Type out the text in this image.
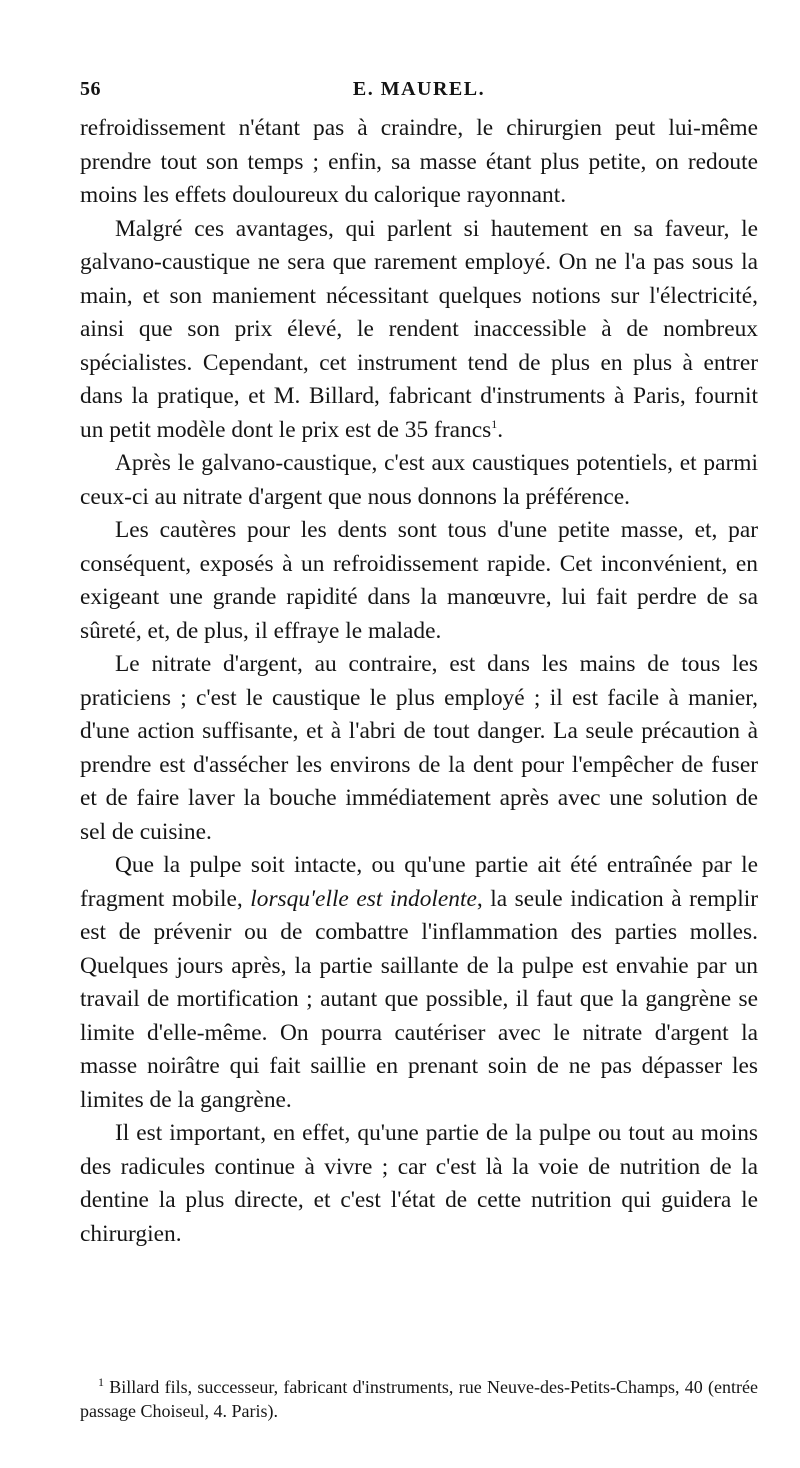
56	E. MAUREL.

refroidissement n'étant pas à craindre, le chirurgien peut lui-même prendre tout son temps ; enfin, sa masse étant plus petite, on redoute moins les effets douloureux du calorique rayonnant.

Malgré ces avantages, qui parlent si hautement en sa faveur, le galvano-caustique ne sera que rarement employé. On ne l'a pas sous la main, et son maniement nécessitant quelques notions sur l'électricité, ainsi que son prix élevé, le rendent inaccessible à de nombreux spécialistes. Cependant, cet instrument tend de plus en plus à entrer dans la pratique, et M. Billard, fabricant d'instruments à Paris, fournit un petit modèle dont le prix est de 35 francs$^1$.

Après le galvano-caustique, c'est aux caustiques potentiels, et parmi ceux-ci au nitrate d'argent que nous donnons la préférence.

Les cautères pour les dents sont tous d'une petite masse, et, par conséquent, exposés à un refroidissement rapide. Cet inconvénient, en exigeant une grande rapidité dans la manœuvre, lui fait perdre de sa sûreté, et, de plus, il effraye le malade.

Le nitrate d'argent, au contraire, est dans les mains de tous les praticiens ; c'est le caustique le plus employé ; il est facile à manier, d'une action suffisante, et à l'abri de tout danger. La seule précaution à prendre est d'assécher les environs de la dent pour l'empêcher de fuser et de faire laver la bouche immédiatement après avec une solution de sel de cuisine.

Que la pulpe soit intacte, ou qu'une partie ait été entraînée par le fragment mobile, lorsqu'elle est indolente, la seule indication à remplir est de prévenir ou de combattre l'inflammation des parties molles. Quelques jours après, la partie saillante de la pulpe est envahie par un travail de mortification ; autant que possible, il faut que la gangrène se limite d'elle-même. On pourra cautériser avec le nitrate d'argent la masse noirâtre qui fait saillie en prenant soin de ne pas dépasser les limites de la gangrène.

Il est important, en effet, qu'une partie de la pulpe ou tout au moins des radicules continue à vivre ; car c'est là la voie de nutrition de la dentine la plus directe, et c'est l'état de cette nutrition qui guidera le chirurgien.

$^1$ Billard fils, successeur, fabricant d'instruments, rue Neuve-des-Petits-Champs, 40 (entrée passage Choiseul, 4. Paris).
